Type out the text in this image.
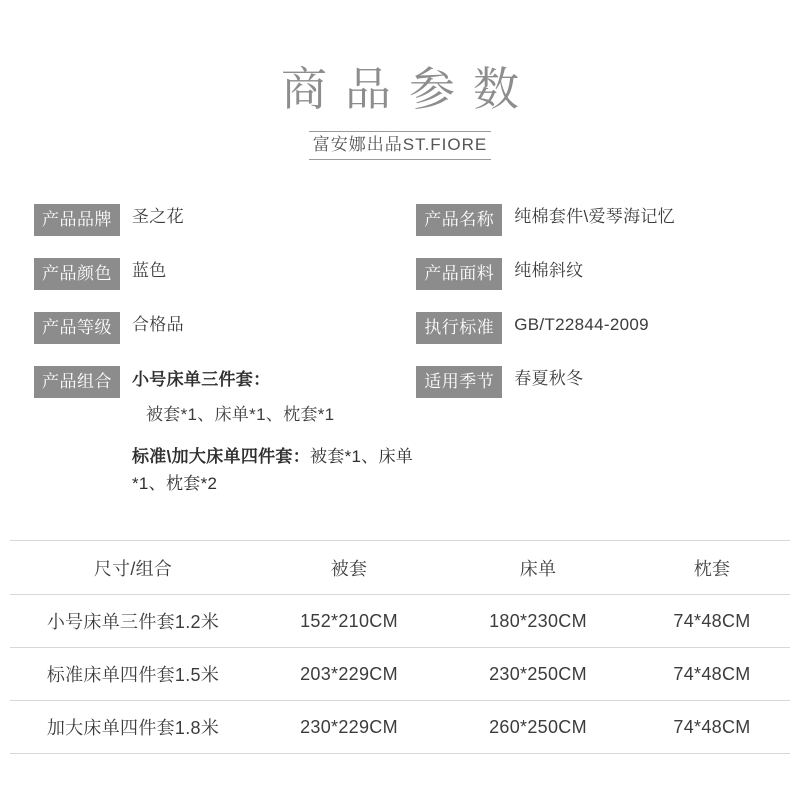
商品参数
富安娜出品ST.FIORE
产品品牌	圣之花	产品名称	纯棉套件\爱琴海记忆
产品颜色	蓝色	产品面料	纯棉斜纹
产品等级	合格品	执行标准	GB/T22844-2009
产品组合	小号床单三件套：
被套*1、床单*1、枕套*1
标准\加大床单四件套：被套*1、床单*1、枕套*2
适用季节	春夏秋冬
尺寸/组合	被套	床单	枕套
小号床单三件套1.2米	152*210CM	180*230CM	74*48CM
标准床单四件套1.5米	203*229CM	230*250CM	74*48CM
加大床单四件套1.8米	230*229CM	260*250CM	74*48CM
